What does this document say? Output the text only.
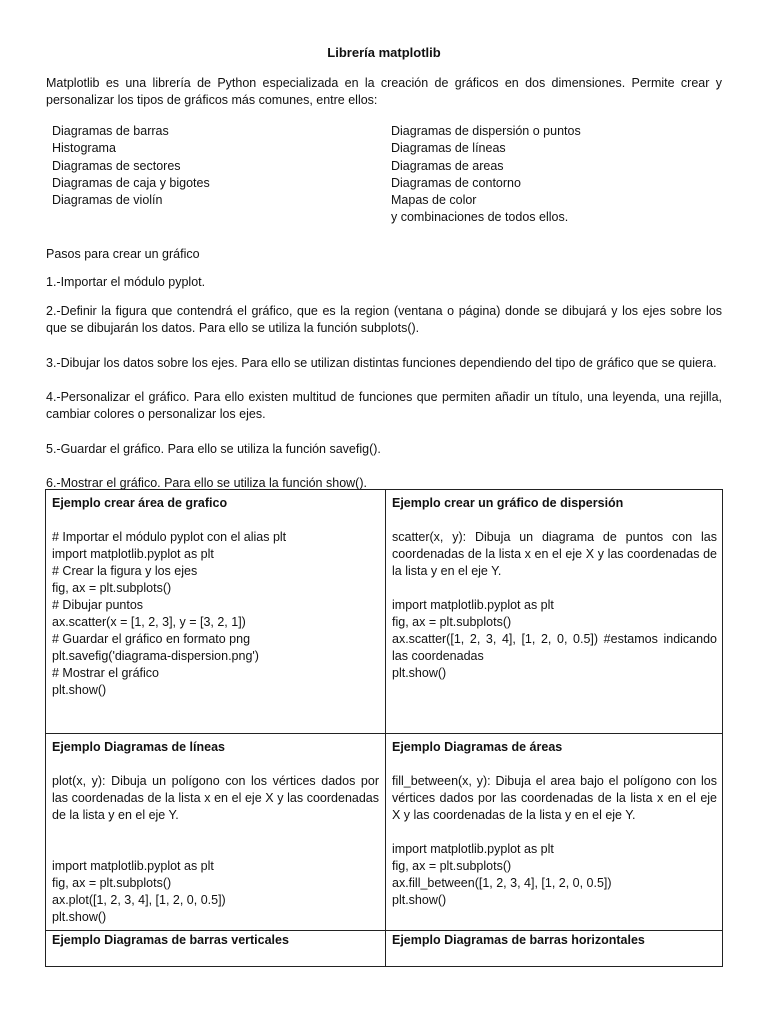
Librería matplotlib

Matplotlib es una librería de Python especializada en la creación de gráficos en dos dimensiones. Permite crear y personalizar los tipos de gráficos más comunes, entre ellos:

Diagramas de barras
Histograma
Diagramas de sectores
Diagramas de caja y bigotes
Diagramas de violín
Diagramas de dispersión o puntos
Diagramas de líneas
Diagramas de areas
Diagramas de contorno
Mapas de color
y combinaciones de todos ellos.

Pasos para crear un gráfico

1.-Importar el módulo pyplot.

2.-Definir la figura que contendrá el gráfico, que es la region (ventana o página) donde se dibujará y los ejes sobre los que se dibujarán los datos. Para ello se utiliza la función subplots().

3.-Dibujar los datos sobre los ejes. Para ello se utilizan distintas funciones dependiendo del tipo de gráfico que se quiera.

4.-Personalizar el gráfico. Para ello existen multitud de funciones que permiten añadir un título, una leyenda, una rejilla, cambiar colores o personalizar los ejes.

5.-Guardar el gráfico. Para ello se utiliza la función savefig().

6.-Mostrar el gráfico. Para ello se utiliza la función show().

Ejemplo crear área de grafico

# Importar el módulo pyplot con el alias plt
import matplotlib.pyplot as plt
# Crear la figura y los ejes
fig, ax = plt.subplots()
# Dibujar puntos
ax.scatter(x = [1, 2, 3], y = [3, 2, 1])
# Guardar el gráfico en formato png
plt.savefig('diagrama-dispersion.png')
# Mostrar el gráfico
plt.show()

Ejemplo crear un gráfico de dispersión

scatter(x, y): Dibuja un diagrama de puntos con las coordenadas de la lista x en el eje X y las coordenadas de la lista y en el eje Y.

import matplotlib.pyplot as plt
fig, ax = plt.subplots()

ax.scatter([1, 2, 3, 4], [1, 2, 0, 0.5]) #estamos indicando las coordenadas

plt.show()

Ejemplo Diagramas de líneas

plot(x, y): Dibuja un polígono con los vértices dados por las coordenadas de la lista x en el eje X y las coordenadas de la lista y en el eje Y.

import matplotlib.pyplot as plt
fig, ax = plt.subplots()
ax.plot([1, 2, 3, 4], [1, 2, 0, 0.5])
plt.show()

Ejemplo Diagramas de áreas

fill_between(x, y): Dibuja el area bajo el polígono con los vértices dados por las coordenadas de la lista x en el eje X y las coordenadas de la lista y en el eje Y.

import matplotlib.pyplot as plt
fig, ax = plt.subplots()
ax.fill_between([1, 2, 3, 4], [1, 2, 0, 0.5])
plt.show()

Ejemplo Diagramas de barras verticales	Ejemplo Diagramas de barras horizontales
